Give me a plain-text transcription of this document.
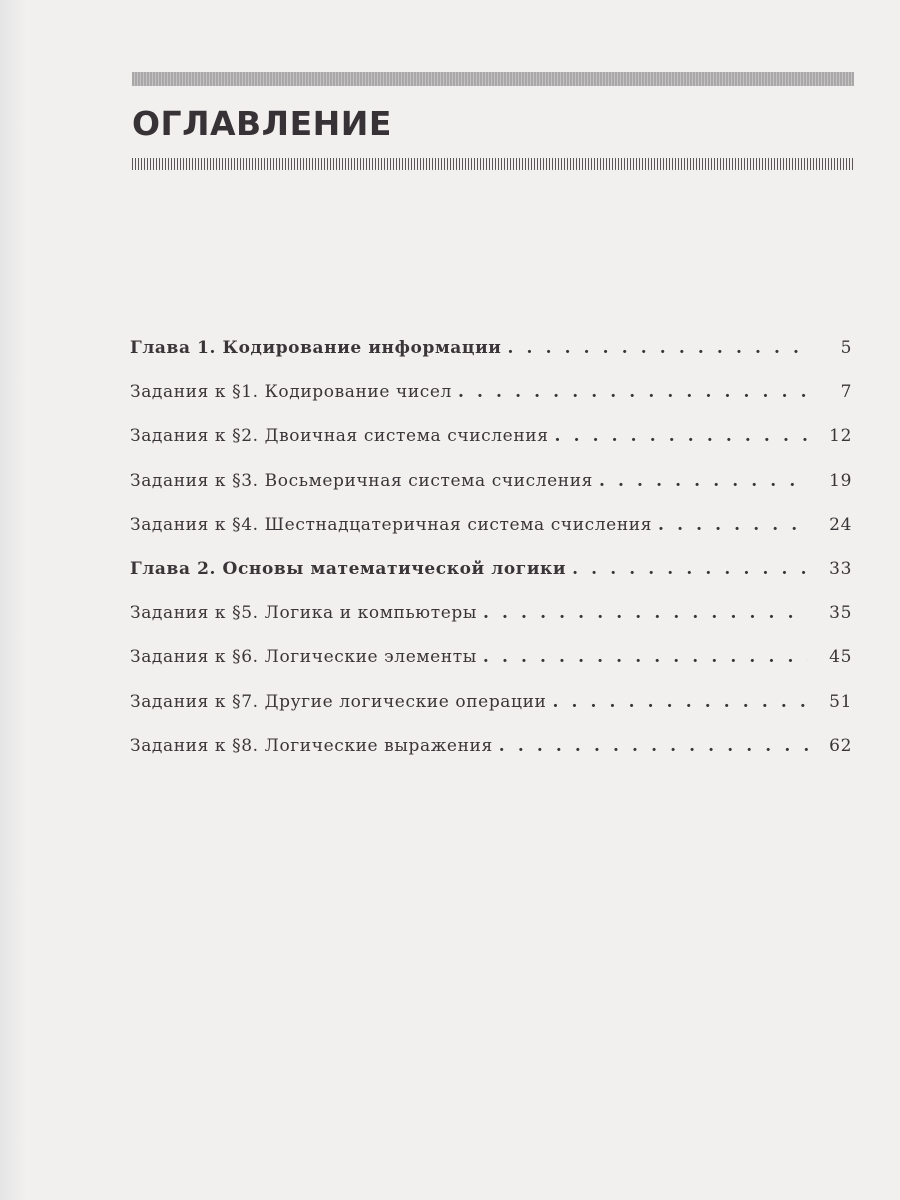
ОГЛАВЛЕНИЕ
Глава 1. Кодирование информации . . .	5
Задания к §1. Кодирование чисел . . .	7
Задания к §2. Двоичная система счисления . . .	12
Задания к §3. Восьмеричная система счисления . . .	19
Задания к §4. Шестнадцатеричная система счисления . . .	24
Глава 2. Основы математической логики . . .	33
Задания к §5. Логика и компьютеры . . .	35
Задания к §6. Логические элементы . . .	45
Задания к §7. Другие логические операции . . .	51
Задания к §8. Логические выражения . . .	62
